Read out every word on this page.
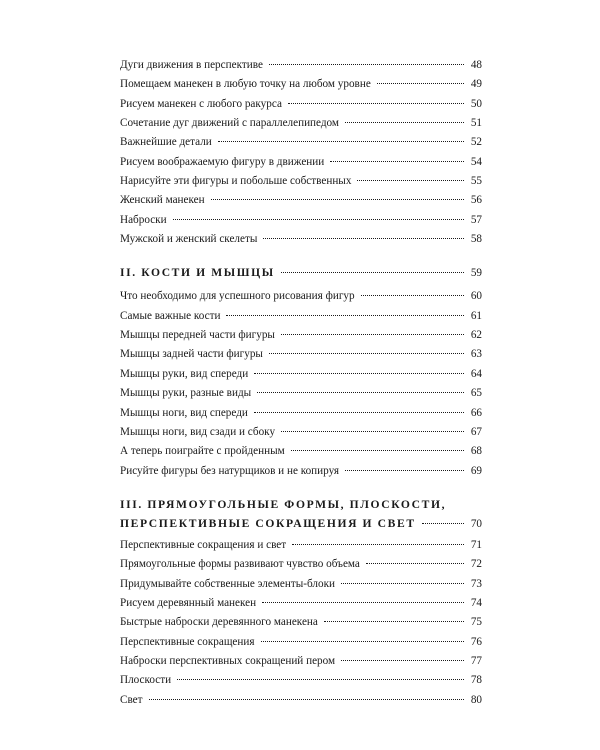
Дуги движения в перспективе	48
Помещаем манекен в любую точку на любом уровне	49
Рисуем манекен с любого ракурса	50
Сочетание дуг движений с параллелепипедом	51
Важнейшие детали	52
Рисуем воображаемую фигуру в движении	54
Нарисуйте эти фигуры и побольше собственных	55
Женский манекен	56
Наброски	57
Мужской и женский скелеты	58
II. КОСТИ И МЫШЦЫ	59
Что необходимо для успешного рисования фигур	60
Самые важные кости	61
Мышцы передней части фигуры	62
Мышцы задней части фигуры	63
Мышцы руки, вид спереди	64
Мышцы руки, разные виды	65
Мышцы ноги, вид спереди	66
Мышцы ноги, вид сзади и сбоку	67
А теперь поиграйте с пройденным	68
Рисуйте фигуры без натурщиков и не копируя	69
III. ПРЯМОУГОЛЬНЫЕ ФОРМЫ, ПЛОСКОСТИ,
ПЕРСПЕКТИВНЫЕ СОКРАЩЕНИЯ И СВЕТ	70
Перспективные сокращения и свет	71
Прямоугольные формы развивают чувство объема	72
Придумывайте собственные элементы-блоки	73
Рисуем деревянный манекен	74
Быстрые наброски деревянного манекена	75
Перспективные сокращения	76
Наброски перспективных сокращений пером	77
Плоскости	78
Свет	80
